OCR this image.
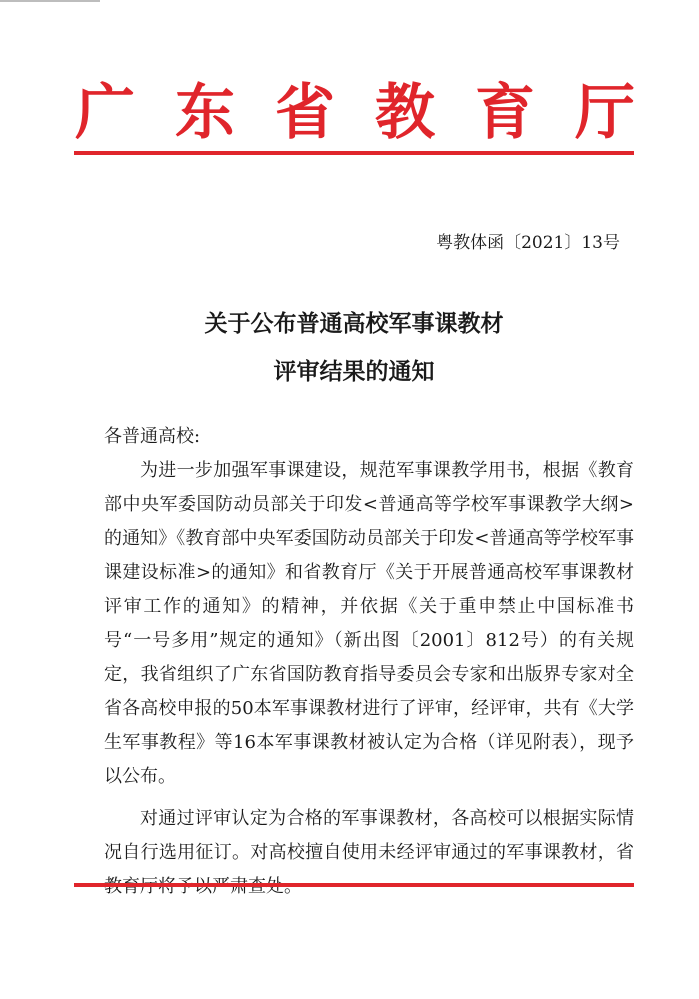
广 东 省 教 育 厅
粤教体函〔2021〕13号
关于公布普通高校军事课教材
评审结果的通知

各普通高校:

为进一步加强军事课建设，规范军事课教学用书，根据《教育部中央军委国防动员部关于印发<普通高等学校军事课教学大纲>的通知》《教育部中央军委国防动员部关于印发<普通高等学校军事课建设标准>的通知》和省教育厅《关于开展普通高校军事课教材评审工作的通知》的精神，并依据《关于重申禁止中国标准书号“一号多用”规定的通知》（新出图〔2001〕812号）的有关规定，我省组织了广东省国防教育指导委员会专家和出版界专家对全省各高校申报的50本军事课教材进行了评审，经评审，共有《大学生军事教程》等16本军事课教材被认定为合格（详见附表），现予以公布。

对通过评审认定为合格的军事课教材，各高校可以根据实际情况自行选用征订。对高校擅自使用未经评审通过的军事课教材，省
